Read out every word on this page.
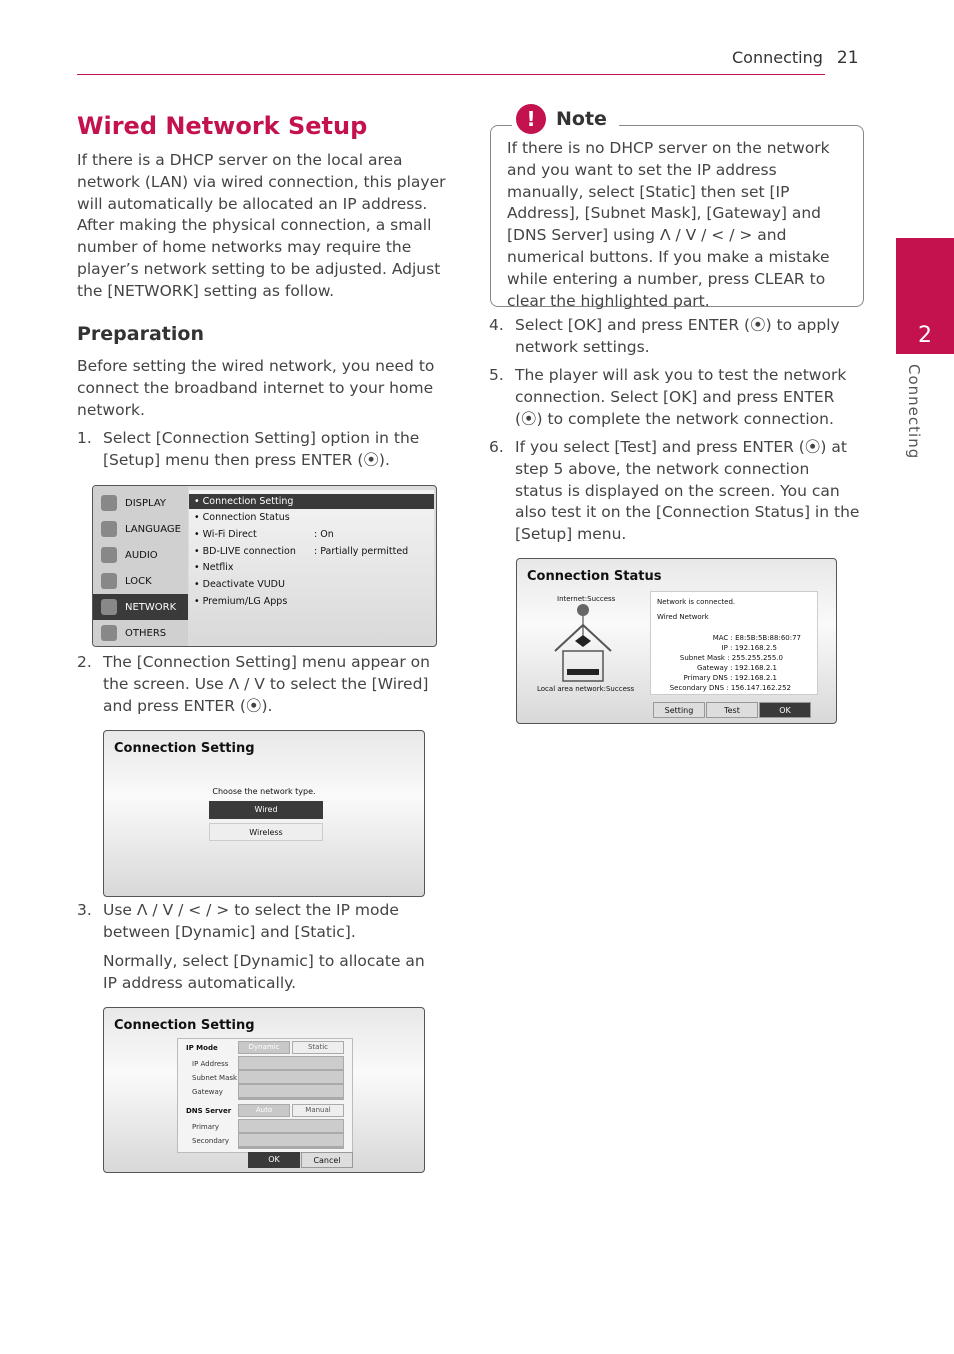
Connecting 21
2
Connecting
Wired Network Setup
If there is a DHCP server on the local area network (LAN) via wired connection, this player will automatically be allocated an IP address. After making the physical connection, a small number of home networks may require the player’s network setting to be adjusted. Adjust the [NETWORK] setting as follow.
Preparation
Before setting the wired network, you need to connect the broadband internet to your home network.
1. Select [Connection Setting] option in the [Setup] menu then press ENTER (⦿).
DISPLAY
LANGUAGE
AUDIO
LOCK
NETWORK
OTHERS
• Connection Setting
• Connection Status
• Wi-Fi Direct	: On
• BD-LIVE connection : Partially permitted
• Netflix
• Deactivate VUDU
• Premium/LG Apps
2. The [Connection Setting] menu appear on the screen. Use Λ / V to select the [Wired] and press ENTER (⦿).
Connection Setting
Choose the network type.
Wired
Wireless
3. Use Λ / V / < / > to select the IP mode between [Dynamic] and [Static].
Normally, select [Dynamic] to allocate an IP address automatically.
Connection Setting
IP Mode	Dynamic	Static
IP Address
Subnet Mask
Gateway
DNS Server	Auto	Manual
Primary
Secondary
OK	Cancel
!	Note
If there is no DHCP server on the network and you want to set the IP address manually, select [Static] then set [IP Address], [Subnet Mask], [Gateway] and [DNS Server] using Λ / V / < / > and numerical buttons. If you make a mistake while entering a number, press CLEAR to clear the highlighted part.
4. Select [OK] and press ENTER (⦿) to apply network settings.
5. The player will ask you to test the network connection. Select [OK] and press ENTER (⦿) to complete the network connection.
6. If you select [Test] and press ENTER (⦿) at step 5 above, the network connection status is displayed on the screen. You can also test it on the [Connection Status] in the [Setup] menu.
Connection Status
Internet:Success
Local area network:Success
Network is connected.
Wired Network
MAC : E8:5B:5B:88:60:77
IP : 192.168.2.5
Subnet Mask : 255.255.255.0
Gateway : 192.168.2.1
Primary DNS : 192.168.2.1
Secondary DNS : 156.147.162.252
Setting	Test	OK
